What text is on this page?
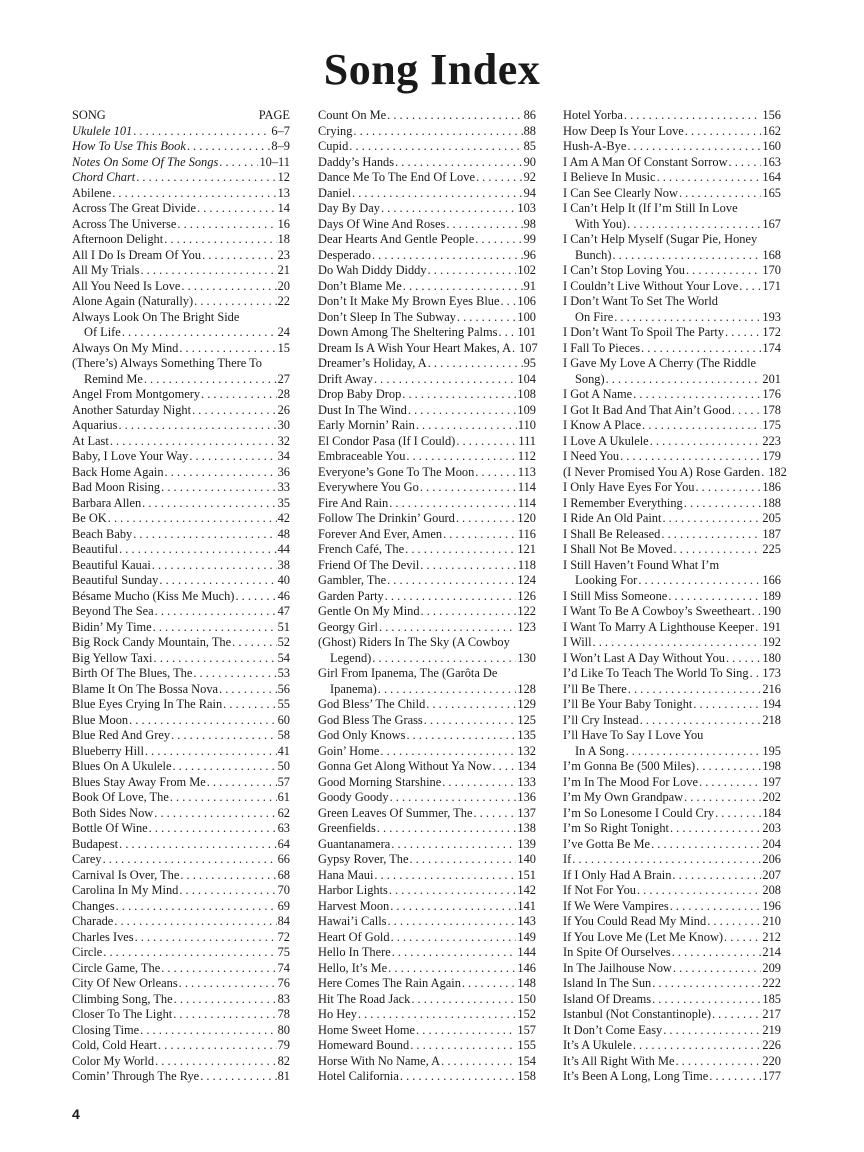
Song Index
SONG	PAGE
Ukulele 101 . . .	6–7
How To Use This Book . . .	8–9
Notes On Some Of The Songs . . .	10–11
Chord Chart . . .	12
Abilene . . .	13
Across The Great Divide . . .	14
Across The Universe . . .	16
Afternoon Delight . . .	18
All I Do Is Dream Of You . . .	23
All My Trials . . .	21
All You Need Is Love . . .	20
Alone Again (Naturally) . . .	22
Always Look On The Bright Side
Of Life . . .	24
Always On My Mind . . .	15
(There’s) Always Something There To
Remind Me . . .	27
Angel From Montgomery . . .	28
Another Saturday Night . . .	26
Aquarius . . .	30
At Last . . .	32
Baby, I Love Your Way . . .	34
Back Home Again . . .	36
Bad Moon Rising . . .	33
Barbara Allen . . .	35
Be OK . . .	42
Beach Baby . . .	48
Beautiful . . .	44
Beautiful Kauai . . .	38
Beautiful Sunday . . .	40
Bésame Mucho (Kiss Me Much) . . .	46
Beyond The Sea . . .	47
Bidin’ My Time . . .	51
Big Rock Candy Mountain, The . . .	52
Big Yellow Taxi . . .	54
Birth Of The Blues, The . . .	53
Blame It On The Bossa Nova . . .	56
Blue Eyes Crying In The Rain . . .	55
Blue Moon . . .	60
Blue Red And Grey . . .	58
Blueberry Hill . . .	41
Blues On A Ukulele . . .	50
Blues Stay Away From Me . . .	57
Book Of Love, The . . .	61
Both Sides Now . . .	62
Bottle Of Wine . . .	63
Budapest . . .	64
Carey . . .	66
Carnival Is Over, The . . .	68
Carolina In My Mind . . .	70
Changes . . .	69
Charade . . .	84
Charles Ives . . .	72
Circle . . .	75
Circle Game, The . . .	74
City Of New Orleans . . .	76
Climbing Song, The . . .	83
Closer To The Light . . .	78
Closing Time . . .	80
Cold, Cold Heart . . .	79
Color My World . . .	82
Comin’ Through The Rye . . .	81
Count On Me . . .	86
Crying . . .	88
Cupid . . .	85
Daddy’s Hands . . .	90
Dance Me To The End Of Love . . .	92
Daniel . . .	94
Day By Day . . .	103
Days Of Wine And Roses . . .	98
Dear Hearts And Gentle People . . .	99
Desperado . . .	96
Do Wah Diddy Diddy . . .	102
Don’t Blame Me . . .	91
Don’t It Make My Brown Eyes Blue . . . 106
Don’t Sleep In The Subway . . .	100
Down Among The Sheltering Palms . . . 101
Dream Is A Wish Your Heart Makes, A . . . 107
Dreamer’s Holiday, A . . .	95
Drift Away . . .	104
Drop Baby Drop . . .	108
Dust In The Wind . . .	109
Early Mornin’ Rain . . .	110
El Condor Pasa (If I Could) . . .	111
Embraceable You . . .	112
Everyone’s Gone To The Moon . . .	113
Everywhere You Go . . .	114
Fire And Rain . . .	114
Follow The Drinkin’ Gourd . . .	120
Forever And Ever, Amen . . .	116
French Café, The . . .	121
Friend Of The Devil . . .	118
Gambler, The . . .	124
Garden Party . . .	126
Gentle On My Mind . . .	122
Georgy Girl . . .	123
(Ghost) Riders In The Sky (A Cowboy
Legend) . . .	130
Girl From Ipanema, The (Garôta De
Ipanema) . . .	128
God Bless’ The Child . . .	129
God Bless The Grass . . .	125
God Only Knows . . .	135
Goin’ Home . . .	132
Gonna Get Along Without Ya Now . . . 134
Good Morning Starshine . . .	133
Goody Goody . . .	136
Green Leaves Of Summer, The . . .	137
Greenfields . . .	138
Guantanamera . . .	139
Gypsy Rover, The . . .	140
Hana Maui . . .	151
Harbor Lights . . .	142
Harvest Moon . . .	141
Hawai’i Calls . . .	143
Heart Of Gold . . .	149
Hello In There . . .	144
Hello, It’s Me . . .	146
Here Comes The Rain Again . . .	148
Hit The Road Jack . . .	150
Ho Hey . . .	152
Home Sweet Home . . .	157
Homeward Bound . . .	155
Horse With No Name, A . . .	154
Hotel California . . .	158
Hotel Yorba . . .	156
How Deep Is Your Love . . .	162
Hush-A-Bye . . .	160
I Am A Man Of Constant Sorrow . . .	163
I Believe In Music . . .	164
I Can See Clearly Now . . .	165
I Can’t Help It (If I’m Still In Love
With You) . . .	167
I Can’t Help Myself (Sugar Pie, Honey
Bunch) . . .	168
I Can’t Stop Loving You . . .	170
I Couldn’t Live Without Your Love . . . 171
I Don’t Want To Set The World
On Fire . . .	193
I Don’t Want To Spoil The Party . . .	172
I Fall To Pieces . . .	174
I Gave My Love A Cherry (The Riddle
Song) . . .	201
I Got A Name . . .	176
I Got It Bad And That Ain’t Good . . .	178
I Know A Place . . .	175
I Love A Ukulele . . .	223
I Need You . . .	179
(I Never Promised You A) Rose Garden . . . 182
I Only Have Eyes For You . . .	186
I Remember Everything . . .	188
I Ride An Old Paint . . .	205
I Shall Be Released . . .	187
I Shall Not Be Moved . . .	225
I Still Haven’t Found What I’m
Looking For . . .	166
I Still Miss Someone . . .	189
I Want To Be A Cowboy’s Sweetheart . . . 190
I Want To Marry A Lighthouse Keeper . . . 191
I Will . . .	192
I Won’t Last A Day Without You . . .	180
I’d Like To Teach The World To Sing . . . 173
I’ll Be There . . .	216
I’ll Be Your Baby Tonight . . .	194
I’ll Cry Instead . . .	218
I’ll Have To Say I Love You
In A Song . . .	195
I’m Gonna Be (500 Miles) . . .	198
I’m In The Mood For Love . . .	197
I’m My Own Grandpaw . . .	202
I’m So Lonesome I Could Cry . . .	184
I’m So Right Tonight . . .	203
I’ve Gotta Be Me . . .	204
If . . .	206
If I Only Had A Brain . . .	207
If Not For You . . .	208
If We Were Vampires . . .	196
If You Could Read My Mind . . .	210
If You Love Me (Let Me Know) . . .	212
In Spite Of Ourselves . . .	214
In The Jailhouse Now . . .	209
Island In The Sun . . .	222
Island Of Dreams . . .	185
Istanbul (Not Constantinople) . . .	217
It Don’t Come Easy . . .	219
It’s A Ukulele . . .	226
It’s All Right With Me . . .	220
It’s Been A Long, Long Time . . .	177
4
